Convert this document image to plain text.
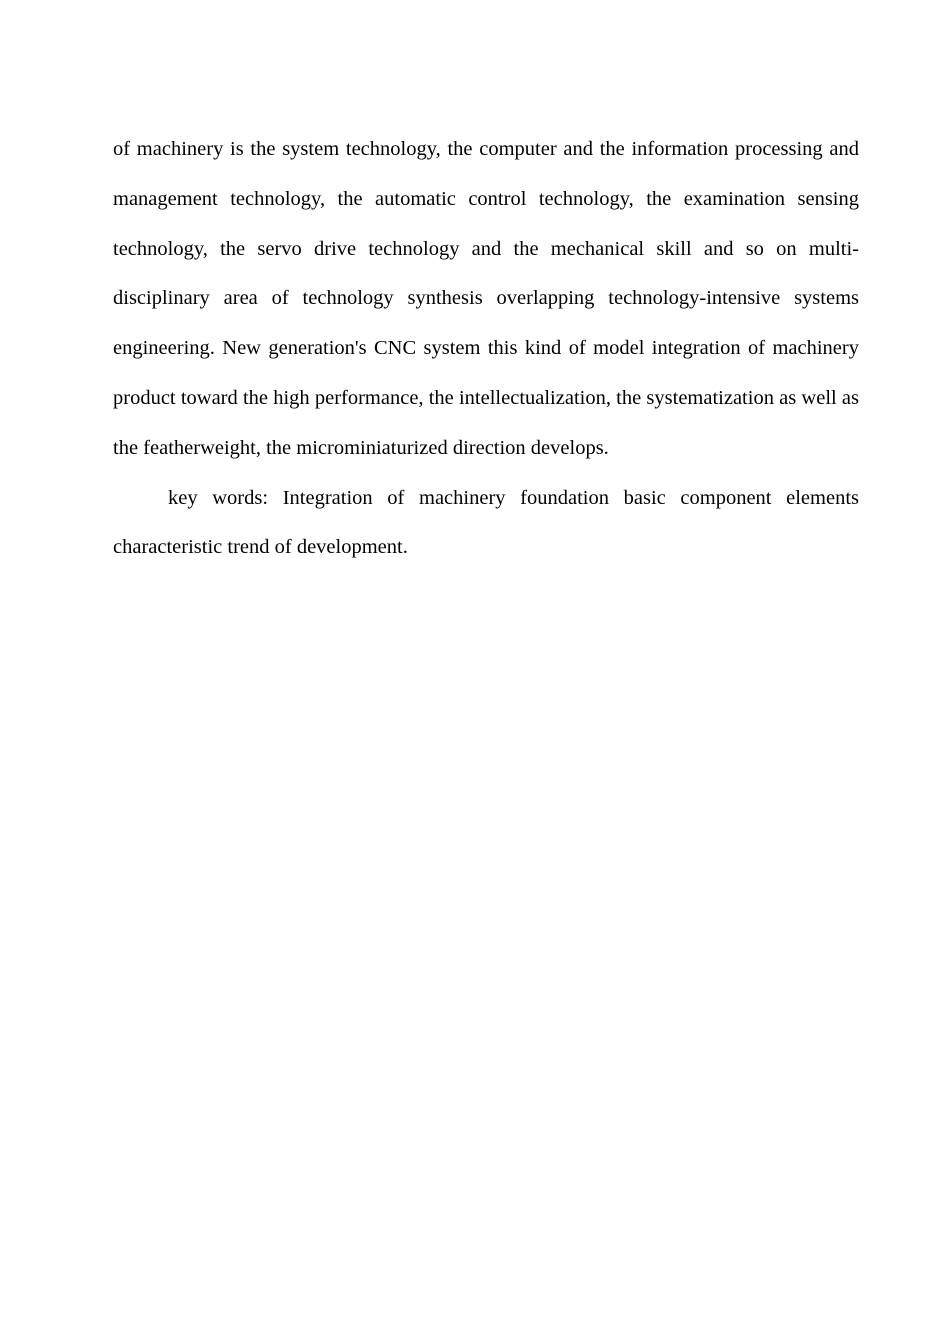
of machinery is the system technology, the computer and the information processing and management technology, the automatic control technology, the examination sensing technology, the servo drive technology and the mechanical skill and so on multi-disciplinary area of technology synthesis overlapping technology-intensive systems engineering. New generation's CNC system this kind of model integration of machinery product toward the high performance, the intellectualization, the systematization as well as the featherweight, the microminiaturized direction develops.

key words: Integration of machinery foundation basic component elements characteristic trend of development.
